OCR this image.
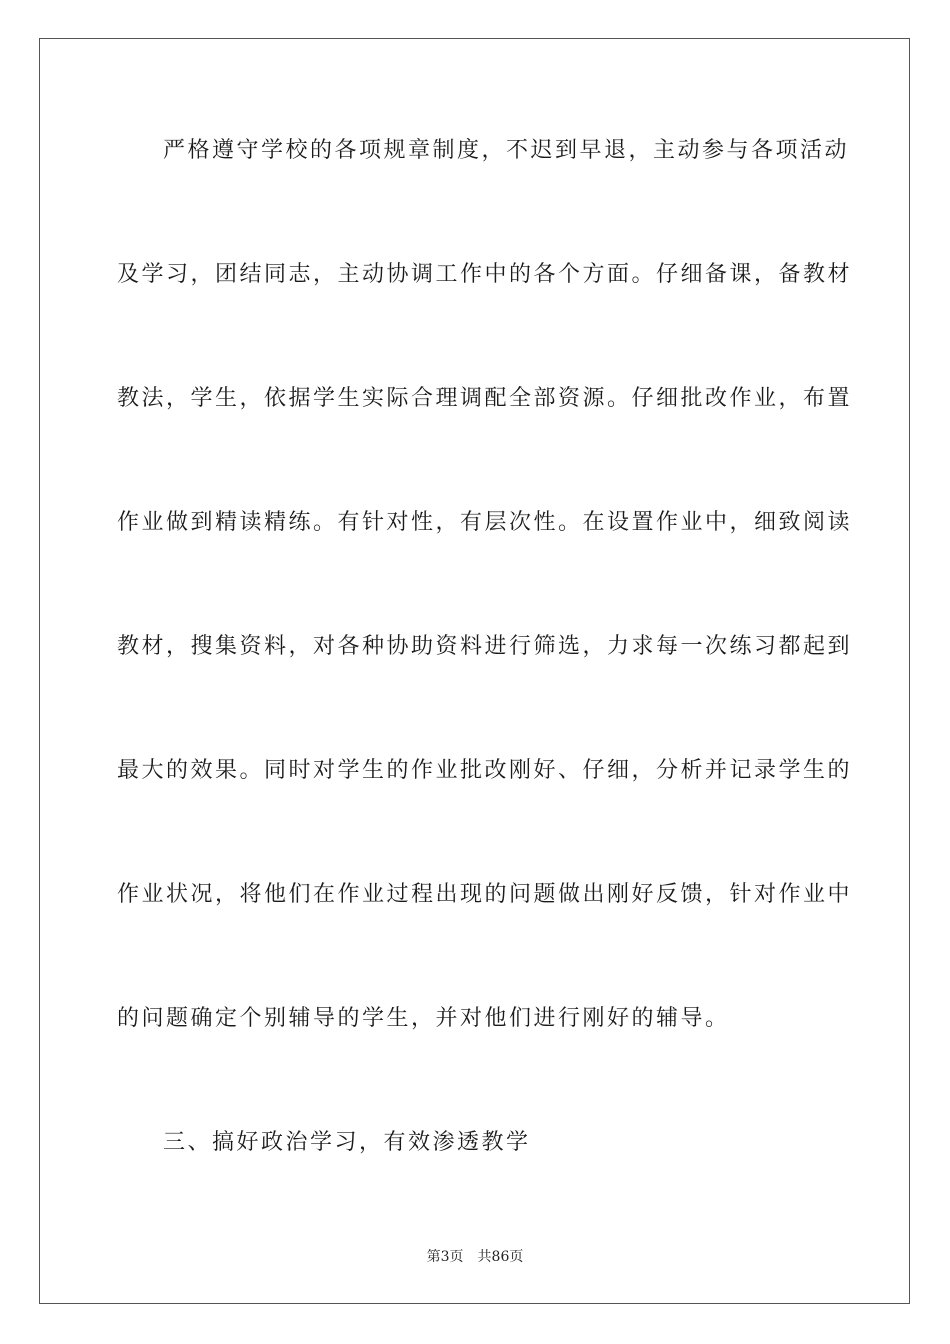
严格遵守学校的各项规章制度，不迟到早退，主动参与各项活动
及学习，团结同志，主动协调工作中的各个方面。仔细备课，备教材
教法，学生，依据学生实际合理调配全部资源。仔细批改作业，布置
作业做到精读精练。有针对性，有层次性。在设置作业中，细致阅读
教材，搜集资料，对各种协助资料进行筛选，力求每一次练习都起到
最大的效果。同时对学生的作业批改刚好、仔细，分析并记录学生的
作业状况，将他们在作业过程出现的问题做出刚好反馈，针对作业中
的问题确定个别辅导的学生，并对他们进行刚好的辅导。
三、搞好政治学习，有效渗透教学
第3页 共86页
